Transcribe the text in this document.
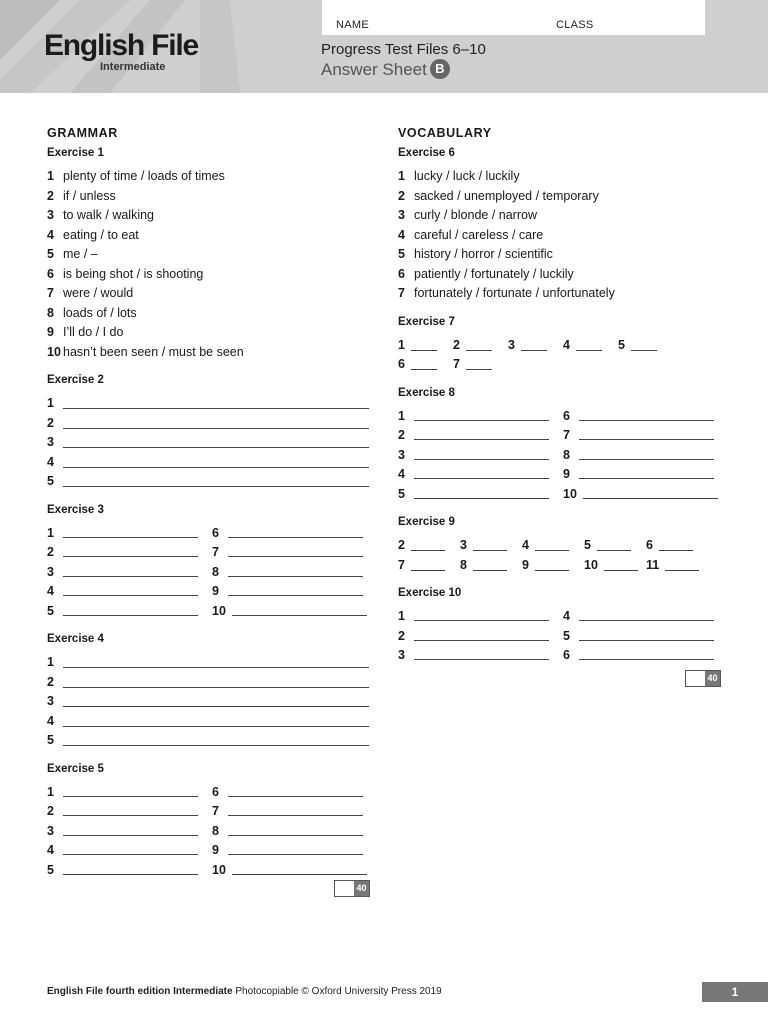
English File
Intermediate
NAME	CLASS
Progress Test Files 6–10
Answer Sheet B
GRAMMAR
Exercise 1
1 plenty of time / loads of times
2 if / unless
3 to walk / walking
4 eating / to eat
5 me / –
6 is being shot / is shooting
7 were / would
8 loads of / lots
9 I’ll do / I do
10 hasn’t been seen / must be seen
Exercise 2
1
2
3
4
5
Exercise 3
1	6
2	7
3	8
4	9
5	10
Exercise 4
1
2
3
4
5
Exercise 5
1	6
2	7
3	8
4	9
5	10
40
VOCABULARY
Exercise 6
1 lucky / luck / luckily
2 sacked / unemployed / temporary
3 curly / blonde / narrow
4 careful / careless / care
5 history / horror / scientific
6 patiently / fortunately / luckily
7 fortunately / fortunate / unfortunately
Exercise 7
1	2	3	4	5
6	7
Exercise 8
1	6
2	7
3	8
4	9
5	10
Exercise 9
2	3	4	5	6
7	8	9	10	11
Exercise 10
1	4
2	5
3	6
40
English File fourth edition Intermediate Photocopiable © Oxford University Press 2019	1
